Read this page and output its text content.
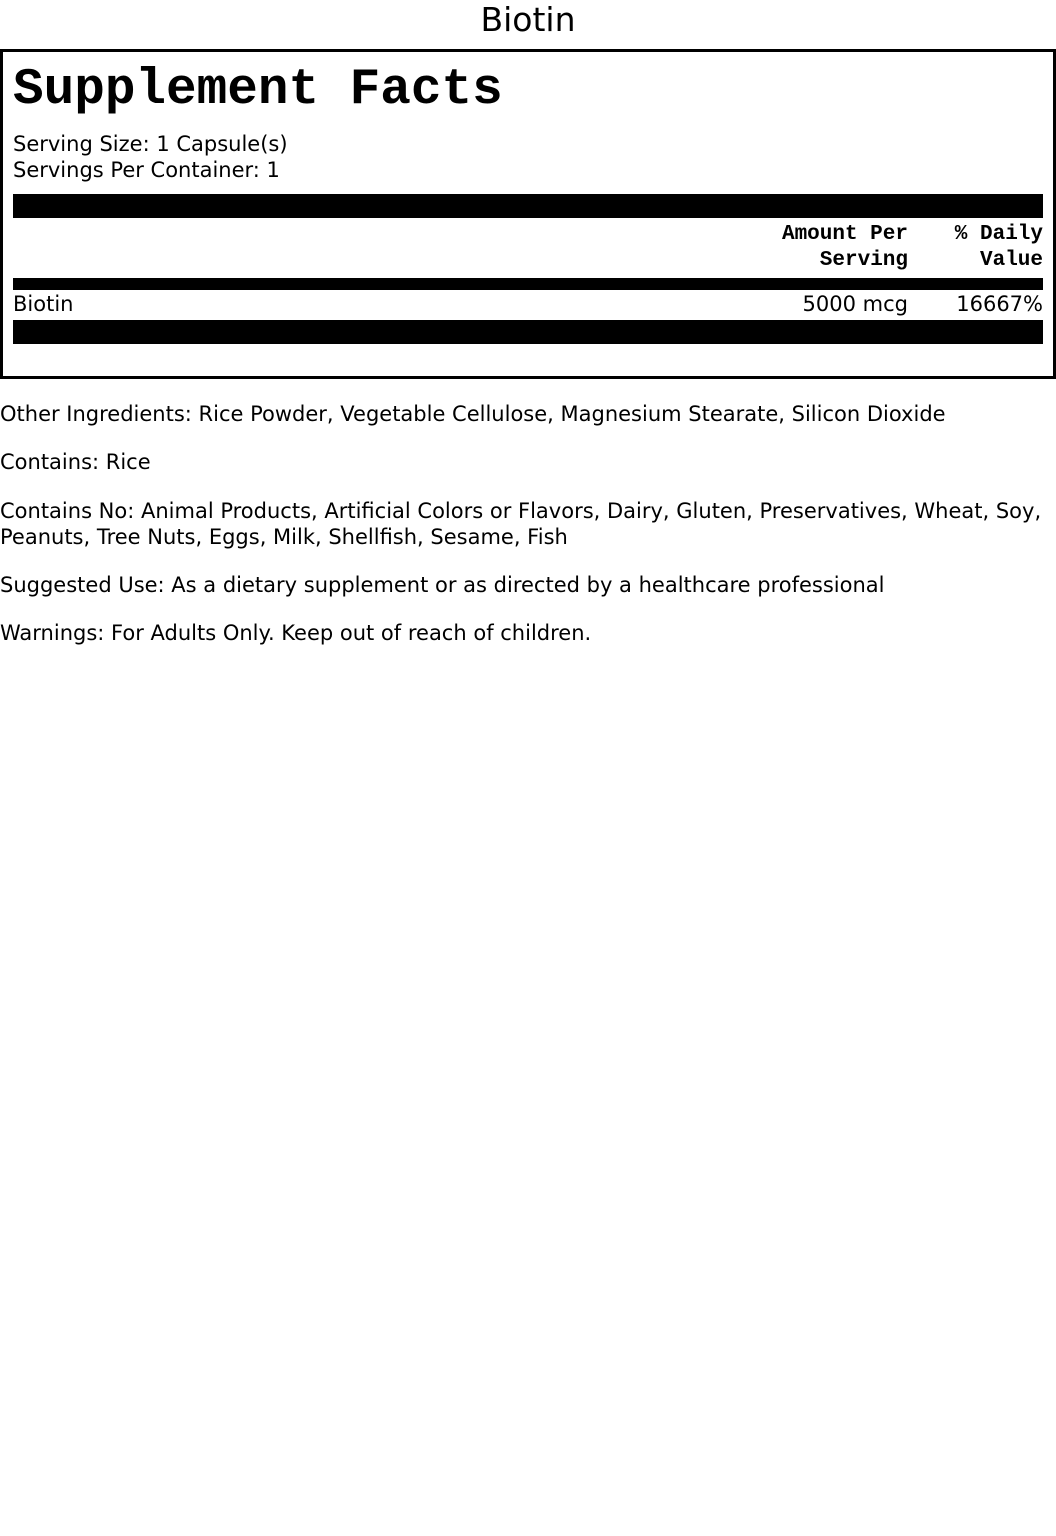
Biotin
Supplement Facts
Serving Size: 1 Capsule(s)
Servings Per Container: 1
Amount Per
Serving
% Daily
Value
Biotin	5000 mcg 16667%

Other Ingredients: Rice Powder, Vegetable Cellulose, Magnesium Stearate, Silicon Dioxide

Contains: Rice

Contains No: Animal Products, Artificial Colors or Flavors, Dairy, Gluten, Preservatives, Wheat, Soy, Peanuts, Tree Nuts, Eggs, Milk, Shellfish, Sesame, Fish

Suggested Use: As a dietary supplement or as directed by a healthcare professional

Warnings: For Adults Only. Keep out of reach of children.
